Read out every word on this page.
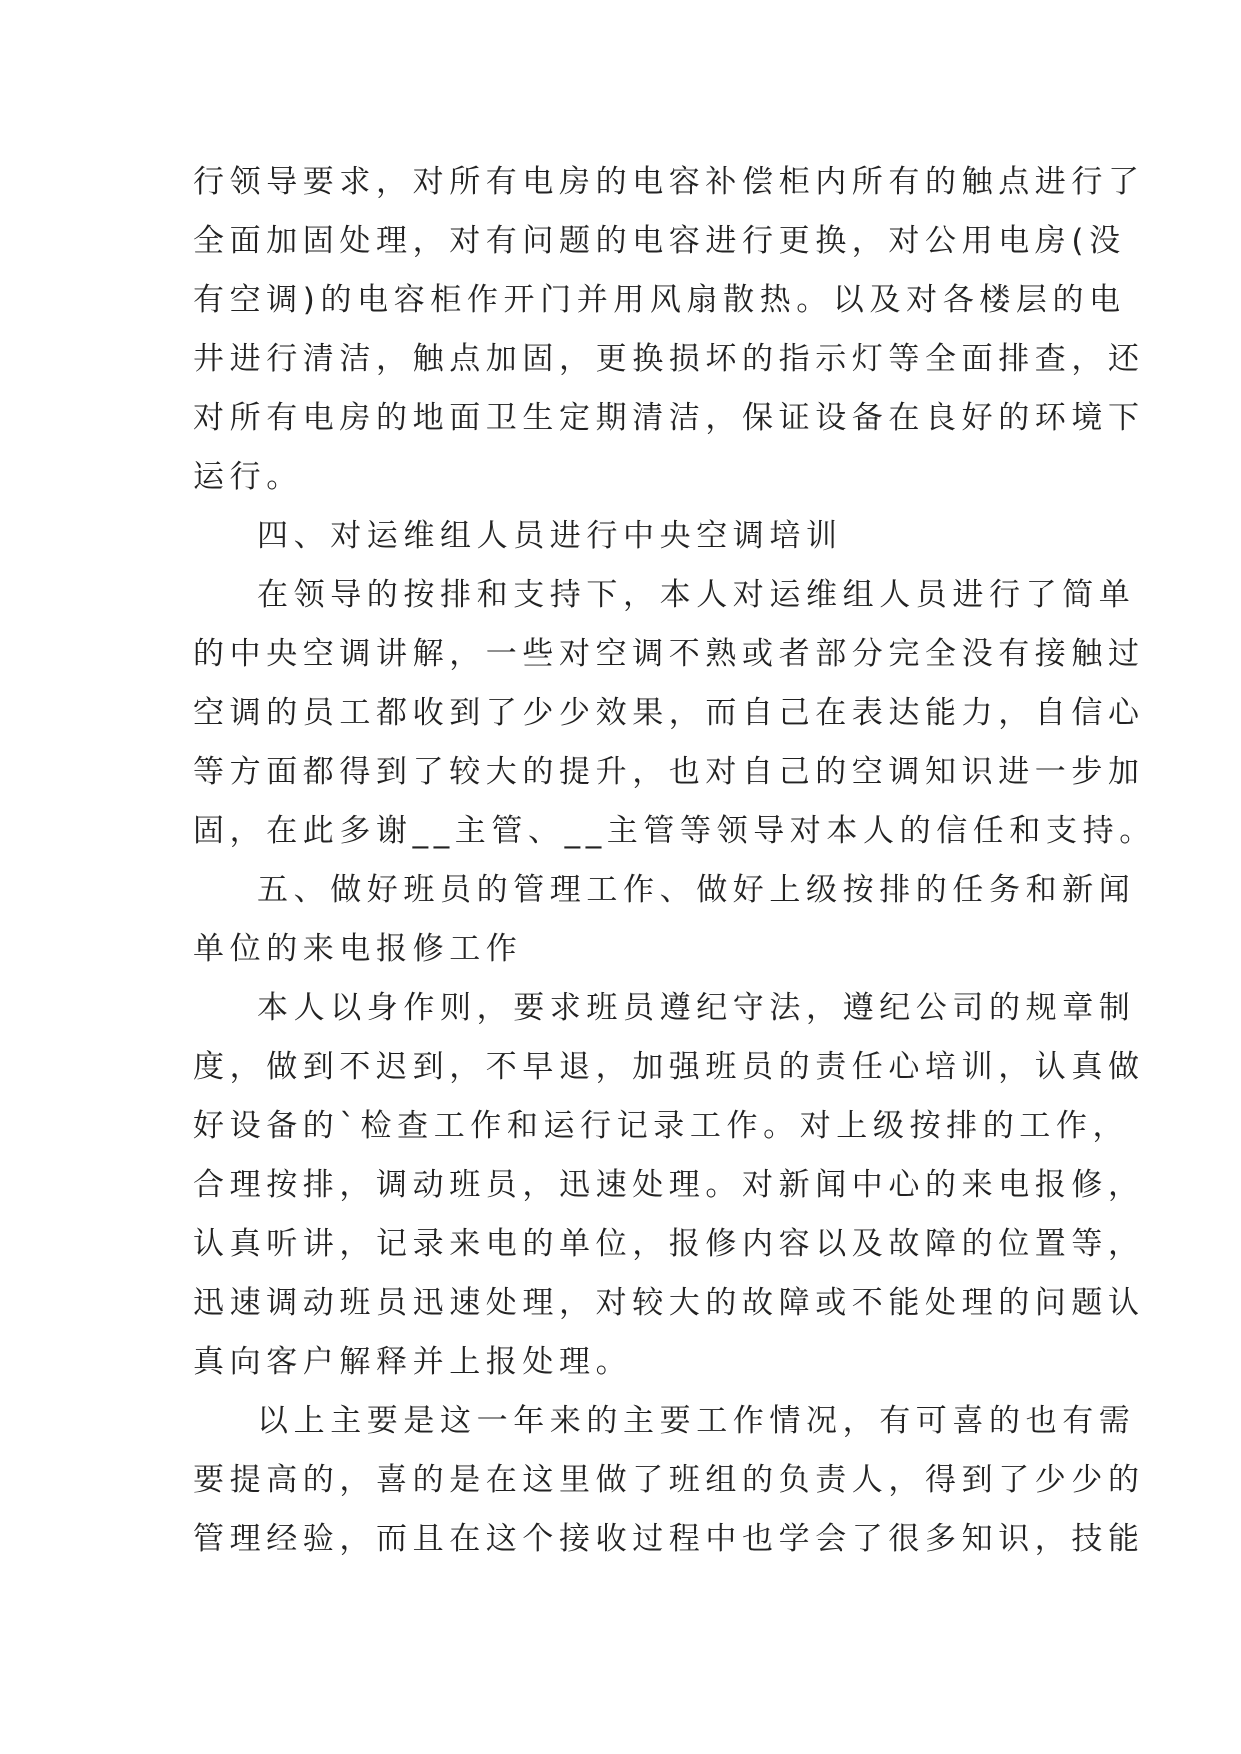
行领导要求，对所有电房的电容补偿柜内所有的触点进行了

全面加固处理，对有问题的电容进行更换，对公用电房(没

有空调)的电容柜作开门并用风扇散热。以及对各楼层的电

井进行清洁，触点加固，更换损坏的指示灯等全面排查，还

对所有电房的地面卫生定期清洁，保证设备在良好的环境下

运行。

四、对运维组人员进行中央空调培训

在领导的按排和支持下，本人对运维组人员进行了简单

的中央空调讲解，一些对空调不熟或者部分完全没有接触过

空调的员工都收到了少少效果，而自己在表达能力，自信心

等方面都得到了较大的提升，也对自己的空调知识进一步加

固，在此多谢__主管、__主管等领导对本人的信任和支持。

五、做好班员的管理工作、做好上级按排的任务和新闻

单位的来电报修工作

本人以身作则，要求班员遵纪守法，遵纪公司的规章制

度，做到不迟到，不早退，加强班员的责任心培训，认真做

好设备的`检查工作和运行记录工作。对上级按排的工作，

合理按排，调动班员，迅速处理。对新闻中心的来电报修，

认真听讲，记录来电的单位，报修内容以及故障的位置等，

迅速调动班员迅速处理，对较大的故障或不能处理的问题认

真向客户解释并上报处理。

以上主要是这一年来的主要工作情况，有可喜的也有需

要提高的，喜的是在这里做了班组的负责人，得到了少少的

管理经验，而且在这个接收过程中也学会了很多知识，技能
